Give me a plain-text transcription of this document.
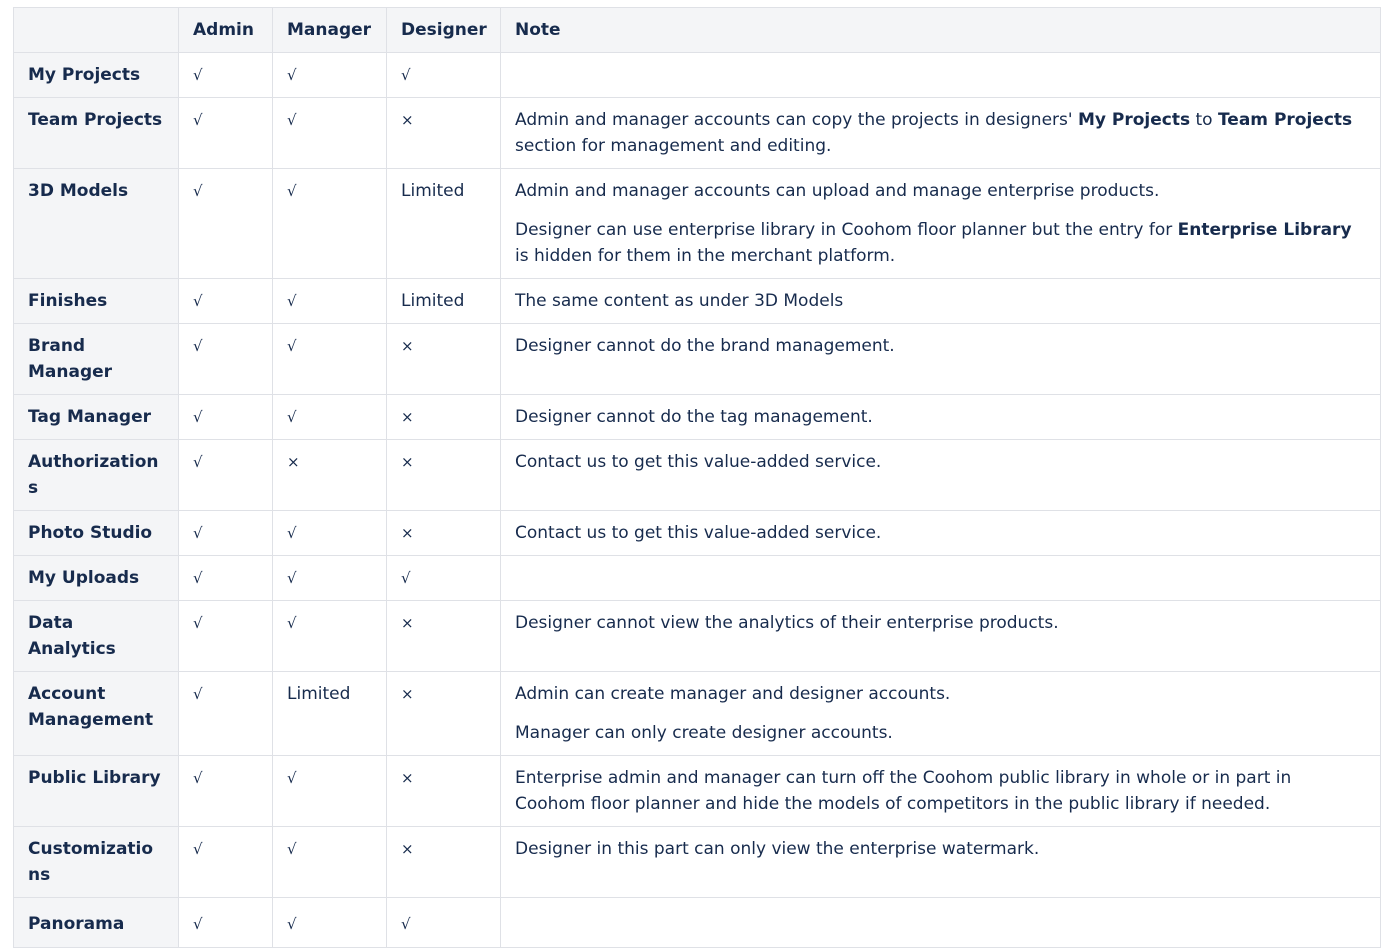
	Admin	Manager	Designer	Note
My Projects	√	√	√	
Team Projects	√	√	×	Admin and manager accounts can copy the projects in designers' My Projects to Team Projects section for management and editing.

3D Models	√	√	Limited	Admin and manager accounts can upload and manage enterprise products.

Designer can use enterprise library in Coohom floor planner but the entry for Enterprise Library is hidden for them in the merchant platform.

Finishes	√	√	Limited	The same content as under 3D Models

Brand Manager	√	√	×	Designer cannot do the brand management.

Tag Manager	√	√	×	Designer cannot do the tag management.

Authorizations	√	×	×	Contact us to get this value-added service.

Photo Studio	√	√	×	Contact us to get this value-added service.

My Uploads	√	√	√	
Data Analytics	√	√	×	Designer cannot view the analytics of their enterprise products.

Account Management	√	Limited	×	Admin can create manager and designer accounts.

Manager can only create designer accounts.

Public Library	√	√	×	Enterprise admin and manager can turn off the Coohom public library in whole or in part in Coohom floor planner and hide the models of competitors in the public library if needed.

Customizations	√	√	×	Designer in this part can only view the enterprise watermark.

Panorama	√	√	√	
